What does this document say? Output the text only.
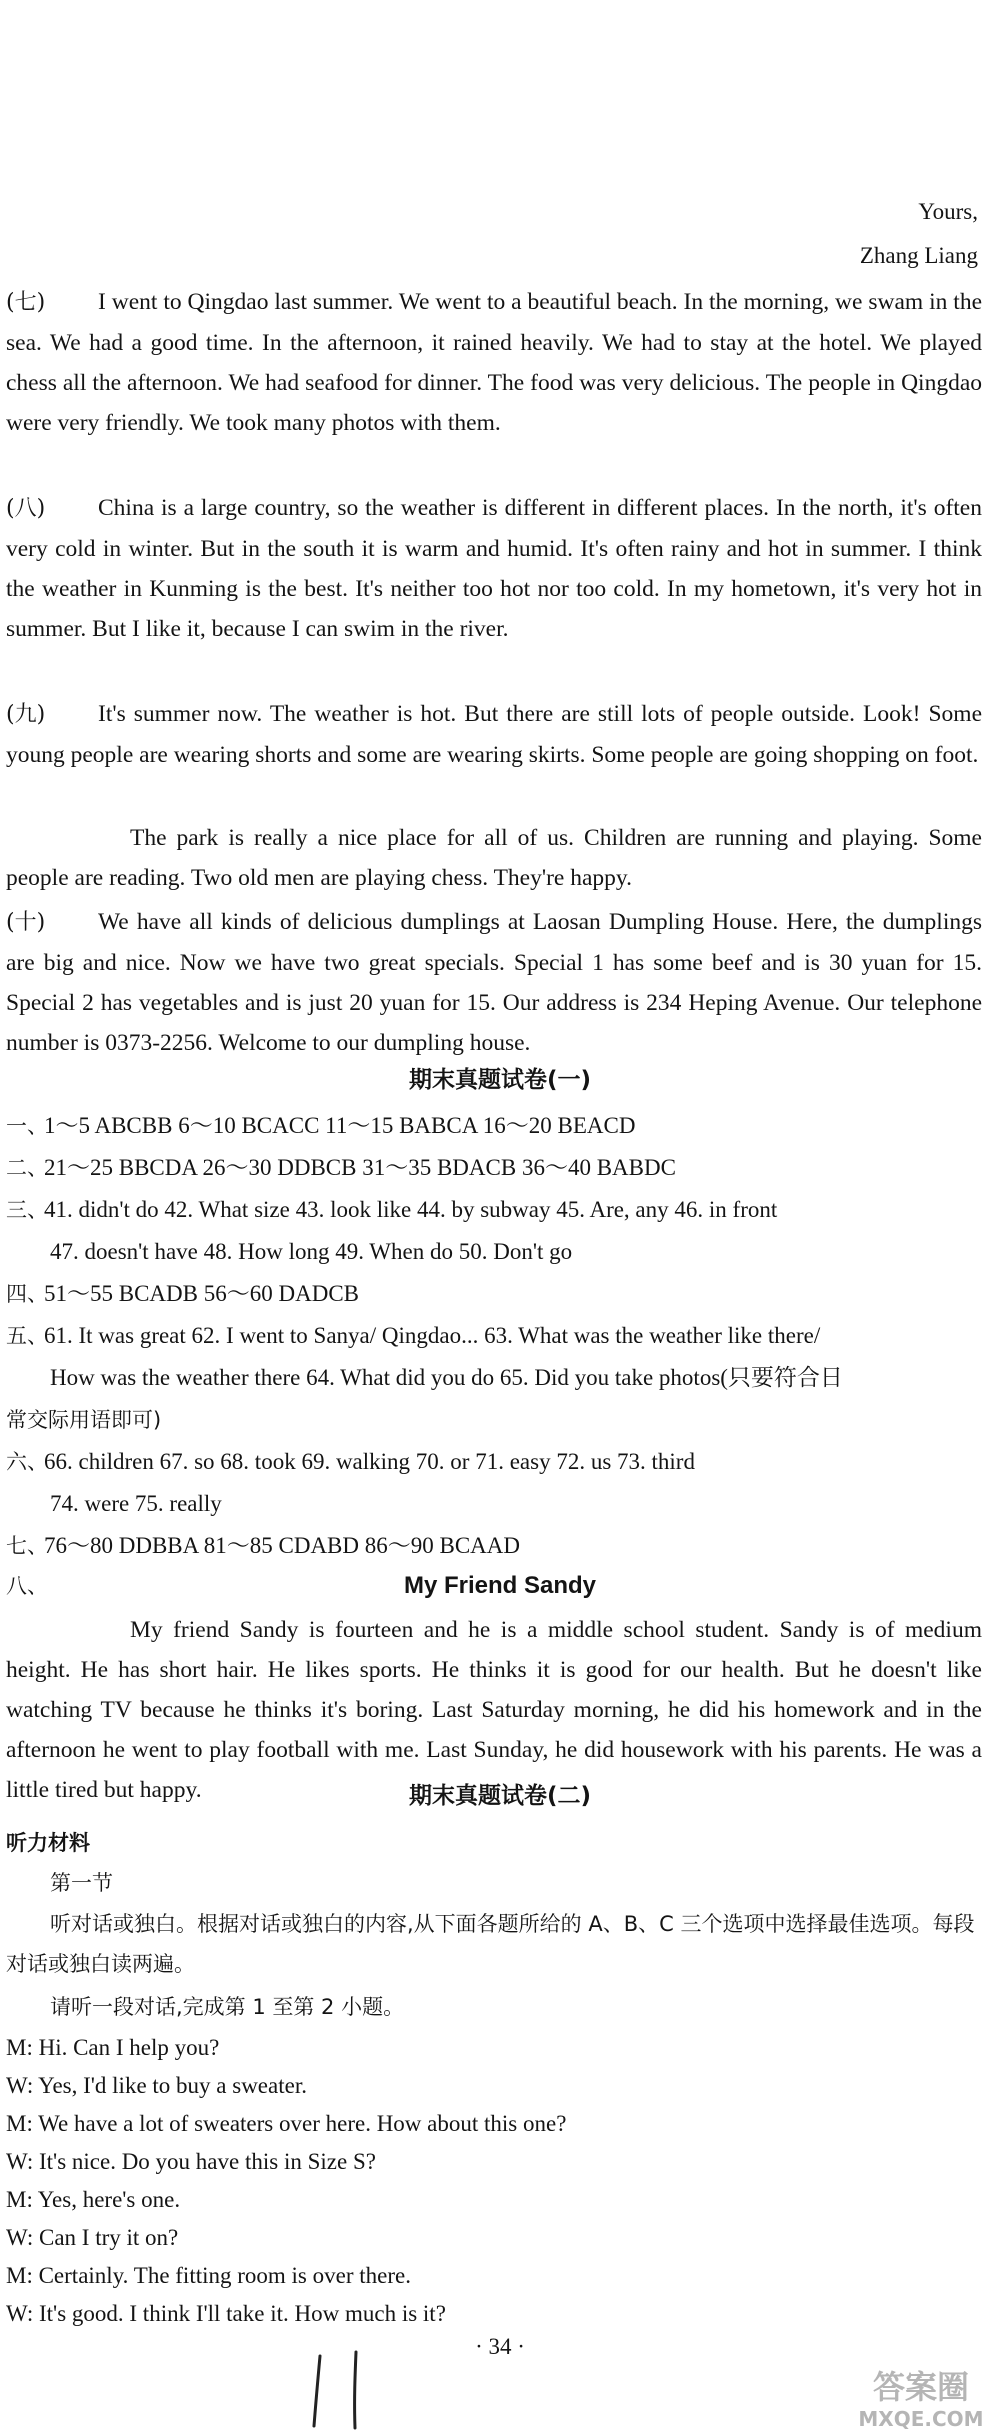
Yours,
Zhang Liang
(七) I went to Qingdao last summer. We went to a beautiful beach. In the morning, we swam in the sea. We had a good time. In the afternoon, it rained heavily. We had to stay at the hotel. We played chess all the afternoon. We had seafood for dinner. The food was very delicious. The people in Qingdao were very friendly. We took many photos with them.
(八) China is a large country, so the weather is different in different places. In the north, it's often very cold in winter. But in the south it is warm and humid. It's often rainy and hot in summer. I think the weather in Kunming is the best. It's neither too hot nor too cold. In my hometown, it's very hot in summer. But I like it, because I can swim in the river.
(九) It's summer now. The weather is hot. But there are still lots of people outside. Look! Some young people are wearing shorts and some are wearing skirts. Some people are going shopping on foot.
The park is really a nice place for all of us. Children are running and playing. Some people are reading. Two old men are playing chess. They're happy.
(十) We have all kinds of delicious dumplings at Laosan Dumpling House. Here, the dumplings are big and nice. Now we have two great specials. Special 1 has some beef and is 30 yuan for 15. Special 2 has vegetables and is just 20 yuan for 15. Our address is 234 Heping Avenue. Our telephone number is 0373-2256. Welcome to our dumpling house.
期末真题试卷(一)
一、1～5 ABCBB 6～10 BCACC 11～15 BABCA 16～20 BEACD
二、21～25 BBCDA 26～30 DDBCB 31～35 BDACB 36～40 BABDC
三、41. didn't do 42. What size 43. look like 44. by subway 45. Are, any 46. in front
47. doesn't have 48. How long 49. When do 50. Don't go
四、51～55 BCADB 56～60 DADCB
五、61. It was great 62. I went to Sanya/ Qingdao... 63. What was the weather like there/
How was the weather there 64. What did you do 65. Did you take photos(只要符合日
常交际用语即可)
六、66. children 67. so 68. took 69. walking 70. or 71. easy 72. us 73. third
74. were 75. really
七、76～80 DDBBA 81～85 CDABD 86～90 BCAAD
八、	My Friend Sandy
My friend Sandy is fourteen and he is a middle school student. Sandy is of medium height. He has short hair. He likes sports. He thinks it is good for our health. But he doesn't like watching TV because he thinks it's boring. Last Saturday morning, he did his homework and in the afternoon he went to play football with me. Last Sunday, he did housework with his parents. He was a little tired but happy.	期末真题试卷(二)
听力材料
第一节
听对话或独白。根据对话或独白的内容,从下面各题所给的 A、B、C 三个选项中选择最佳选项。每段对话或独白读两遍。
请听一段对话,完成第 1 至第 2 小题。
M: Hi. Can I help you?
W: Yes, I'd like to buy a sweater.
M: We have a lot of sweaters over here. How about this one?
W: It's nice. Do you have this in Size S?
M: Yes, here's one.
W: Can I try it on?
M: Certainly. The fitting room is over there.
W: It's good. I think I'll take it. How much is it?
· 34 ·
答案圈
MXQE.COM
